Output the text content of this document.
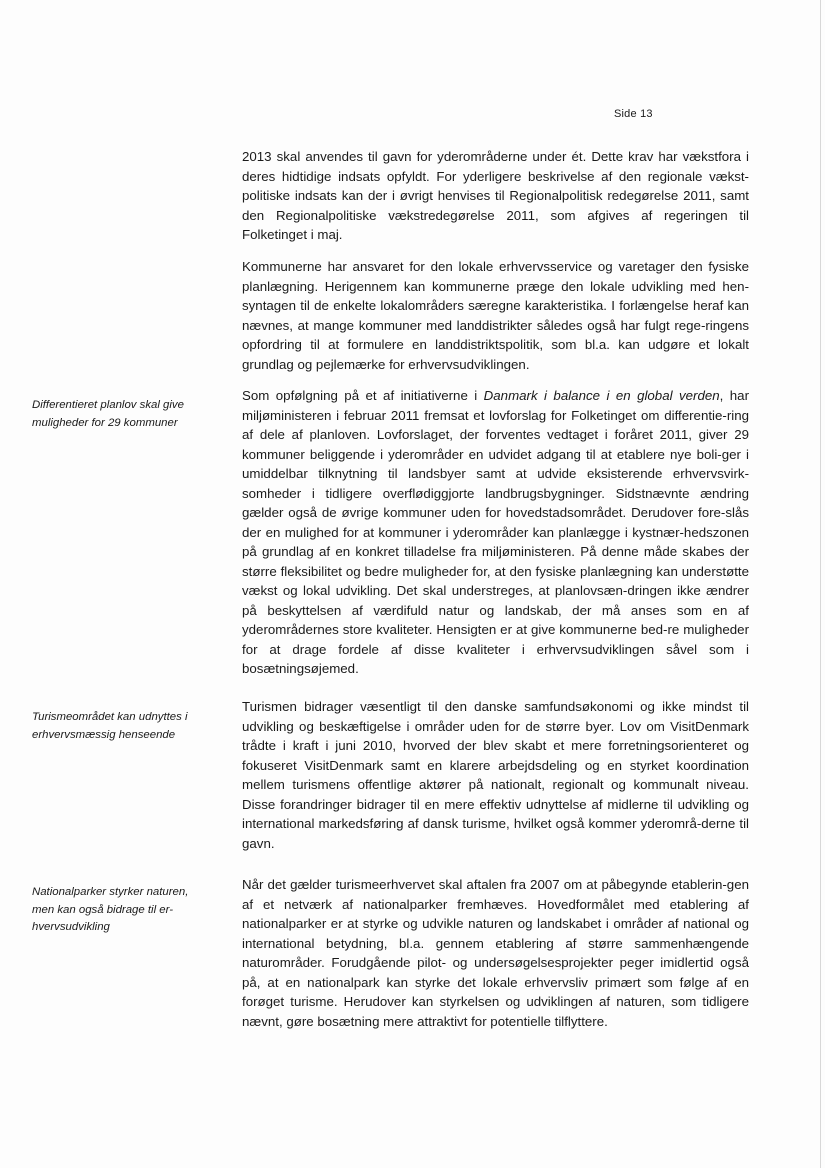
Side 13

2013 skal anvendes til gavn for yderområderne under ét. Dette krav har vækstfora i deres hidtidige indsats opfyldt. For yderligere beskrivelse af den regionale vækst-politiske indsats kan der i øvrigt henvises til Regionalpolitisk redegørelse 2011, samt den Regionalpolitiske vækstredegørelse 2011, som afgives af regeringen til Folketinget i maj.

Kommunerne har ansvaret for den lokale erhvervsservice og varetager den fysiske planlægning. Herigennem kan kommunerne præge den lokale udvikling med hen-syntagen til de enkelte lokalområders særegne karakteristika. I forlængelse heraf kan nævnes, at mange kommuner med landdistrikter således også har fulgt rege-ringens opfordring til at formulere en landdistriktspolitik, som bl.a. kan udgøre et lokalt grundlag og pejlemærke for erhvervsudviklingen.

Som opfølgning på et af initiativerne i Danmark i balance i en global verden, har miljøministeren i februar 2011 fremsat et lovforslag for Folketinget om differentie-ring af dele af planloven. Lovforslaget, der forventes vedtaget i foråret 2011, giver 29 kommuner beliggende i yderområder en udvidet adgang til at etablere nye boli-ger i umiddelbar tilknytning til landsbyer samt at udvide eksisterende erhvervsvirk-somheder i tidligere overflødiggjorte landbrugsbygninger. Sidstnævnte ændring gælder også de øvrige kommuner uden for hovedstadsområdet. Derudover fore-slås der en mulighed for at kommuner i yderområder kan planlægge i kystnær-hedszonen på grundlag af en konkret tilladelse fra miljøministeren. På denne måde skabes der større fleksibilitet og bedre muligheder for, at den fysiske planlægning kan understøtte vækst og lokal udvikling. Det skal understreges, at planlovsæn-dringen ikke ændrer på beskyttelsen af værdifuld natur og landskab, der må anses som en af yderområdernes store kvaliteter. Hensigten er at give kommunerne bed-re muligheder for at drage fordele af disse kvaliteter i erhvervsudviklingen såvel som i bosætningsøjemed.

Turismen bidrager væsentligt til den danske samfundsøkonomi og ikke mindst til udvikling og beskæftigelse i områder uden for de større byer. Lov om VisitDenmark trådte i kraft i juni 2010, hvorved der blev skabt et mere forretningsorienteret og fokuseret VisitDenmark samt en klarere arbejdsdeling og en styrket koordination mellem turismens offentlige aktører på nationalt, regionalt og kommunalt niveau. Disse forandringer bidrager til en mere effektiv udnyttelse af midlerne til udvikling og international markedsføring af dansk turisme, hvilket også kommer yderområ-derne til gavn.

Når det gælder turismeerhvervet skal aftalen fra 2007 om at påbegynde etablerin-gen af et netværk af nationalparker fremhæves. Hovedformålet med etablering af nationalparker er at styrke og udvikle naturen og landskabet i områder af national og international betydning, bl.a. gennem etablering af større sammenhængende naturområder. Forudgående pilot- og undersøgelsesprojekter peger imidlertid også på, at en nationalpark kan styrke det lokale erhvervsliv primært som følge af en forøget turisme. Herudover kan styrkelsen og udviklingen af naturen, som tidligere nævnt, gøre bosætning mere attraktivt for potentielle tilflyttere.

Differentieret planlov skal give muligheder for 29 kommuner

Turismeområdet kan udnyttes i erhvervsmæssig henseende

Nationalparker styrker naturen, men kan også bidrage til er-hvervsudvikling
